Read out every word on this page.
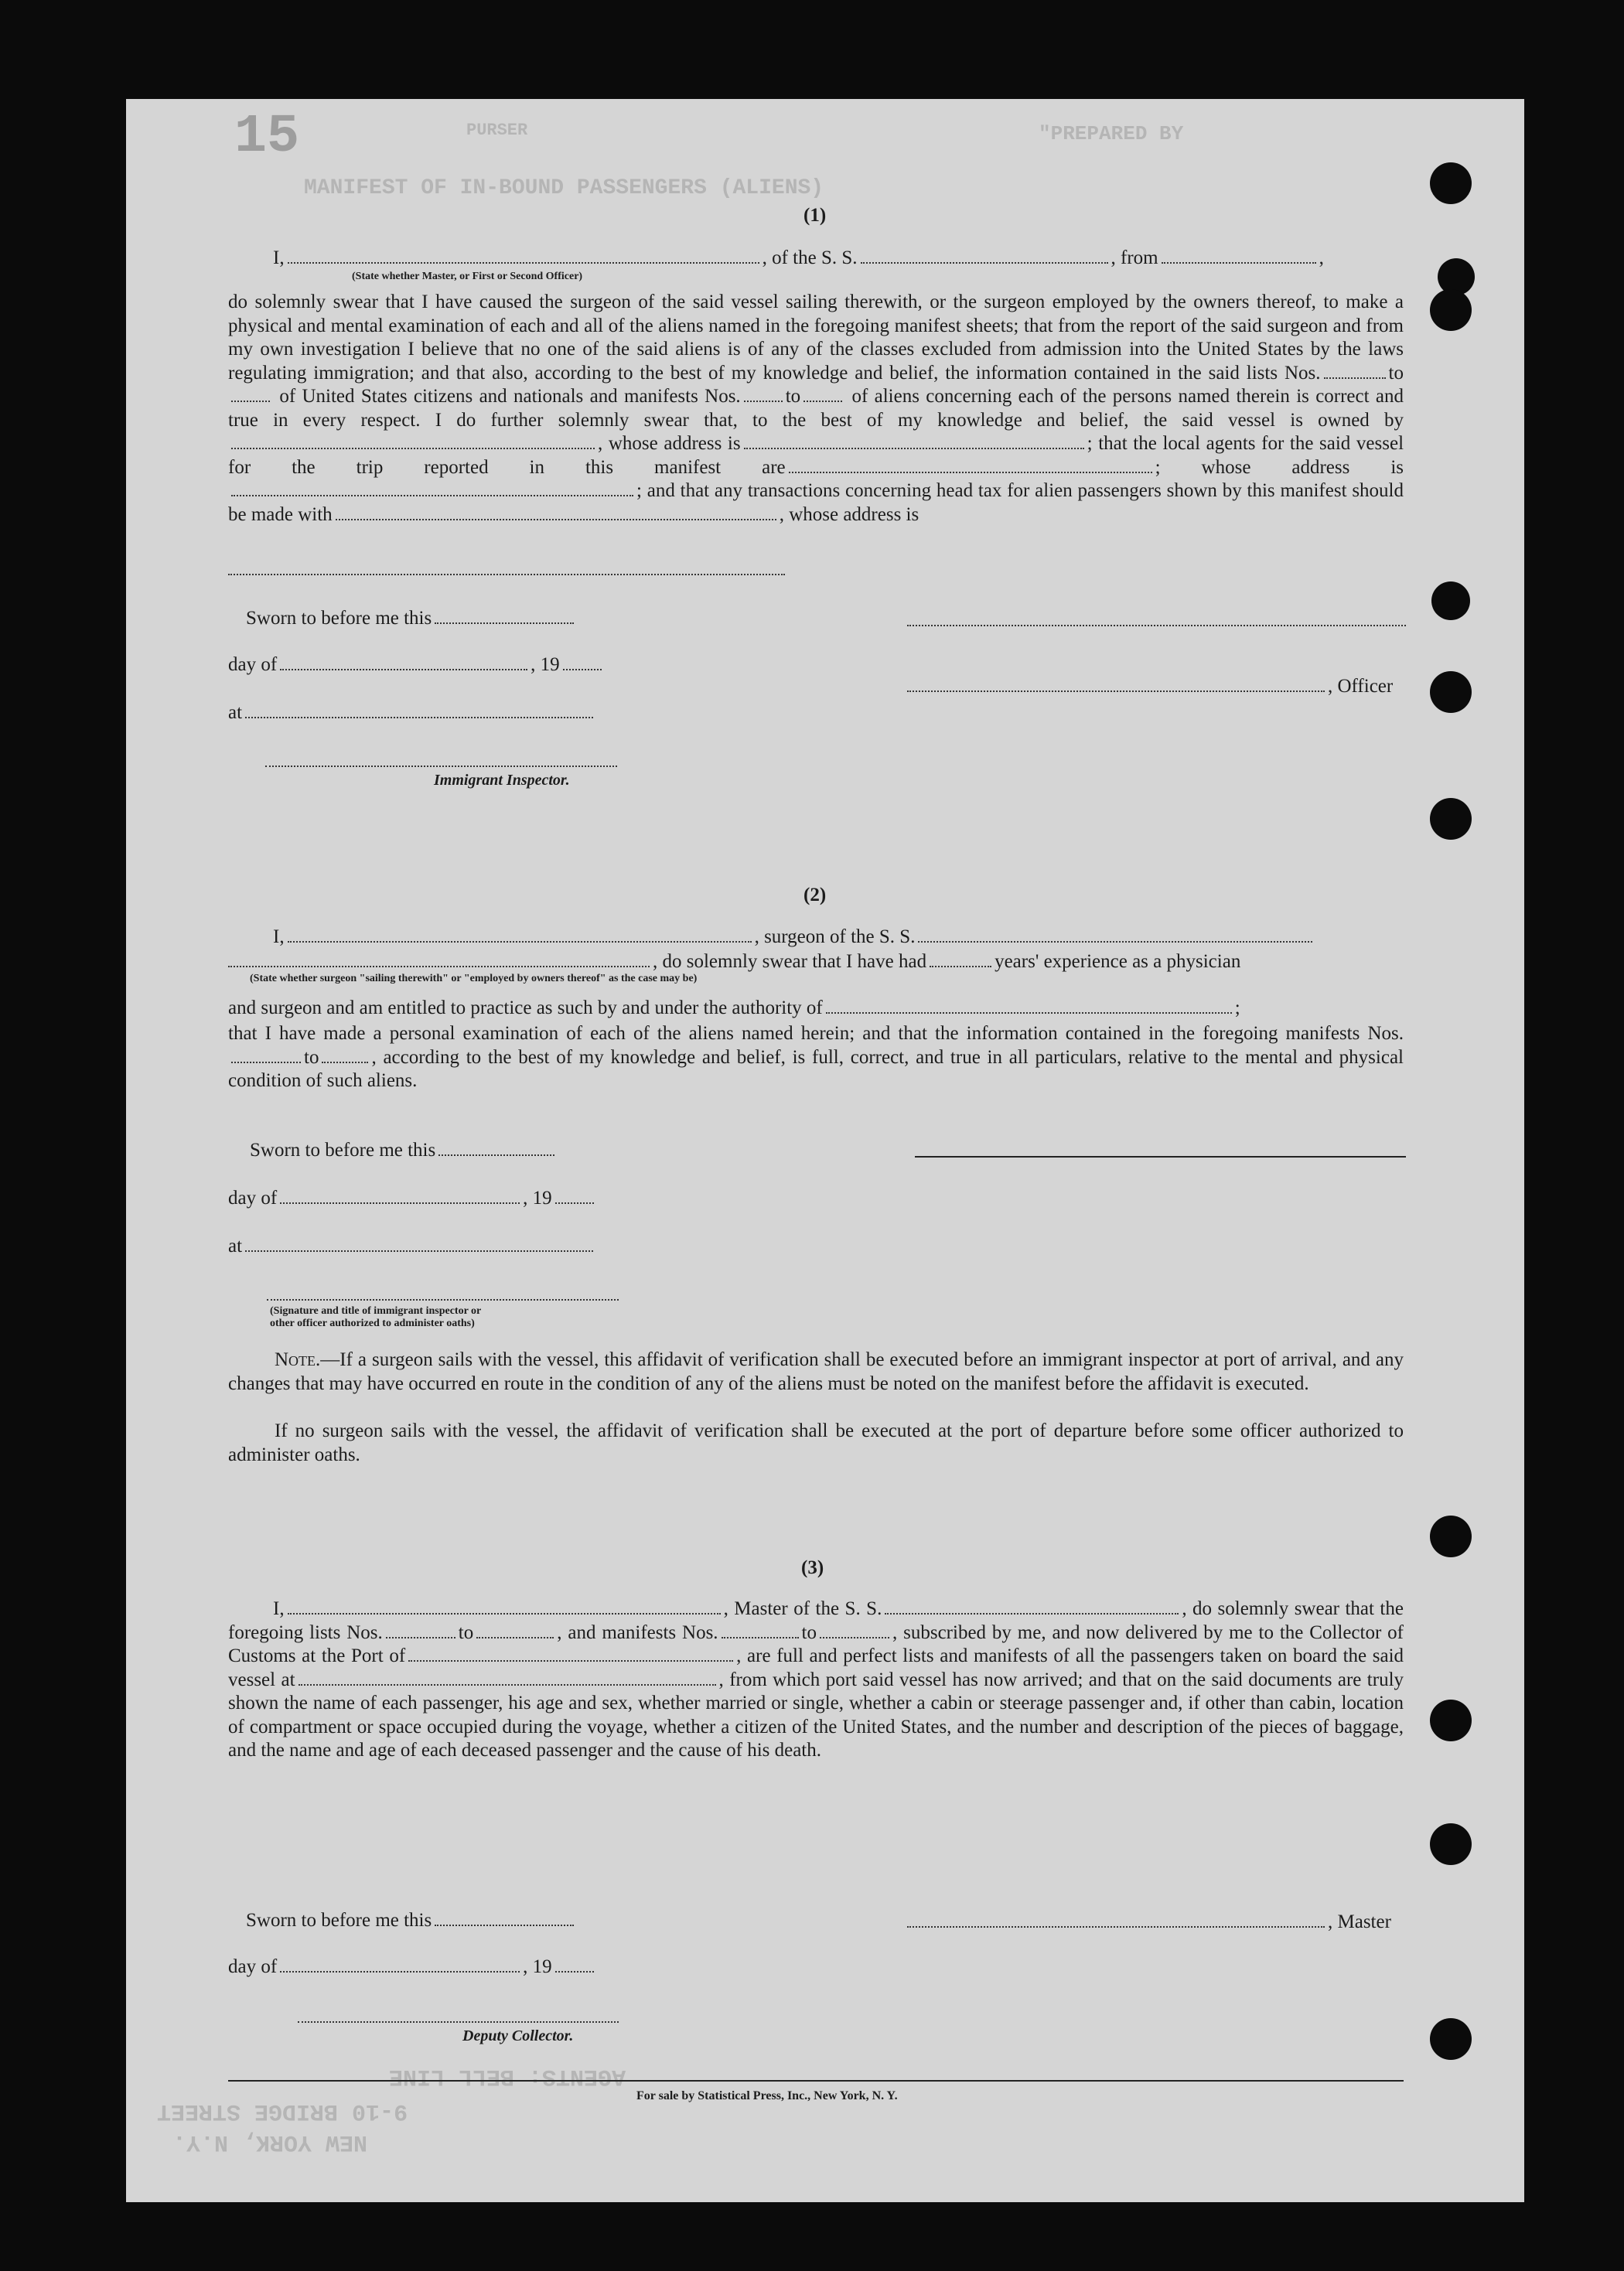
"PREPARED BY
PURSER
MANIFEST OF IN-BOUND PASSENGERS (ALIENS)
15
AGENTS: BELL LINE
9-10 BRIDGE STREET
NEW YORK, N.Y.
(1)
I,	, of the S. S.	, from	,
(State whether Master, or First or Second Officer)
do solemnly swear that I have caused the surgeon of the said vessel sailing therewith, or the surgeon employed by the owners thereof, to make a physical and mental examination of each and all of the aliens named in the foregoing manifest sheets; that from the report of the said surgeon and from my own investigation I believe that no one of the said aliens is of any of the classes excluded from admission into the United States by the laws regulating immigration; and that also, according to the best of my knowledge and belief, the information contained in the said lists Nos.	to of United States citizens and nationals and manifests Nos. to	of aliens concerning each of the persons named therein is correct and true in every respect. I do further solemnly swear that, to the best of my knowledge and belief, the said vessel is owned by, whose address is	; that the local agents for the said vessel for the trip reported in this manifest are	; whose address is; and that any transactions concerning head tax for alien passengers shown by this manifest should be made with	, whose address is
Sworn to before me this
day of	, 19
, Officer
at
Immigrant Inspector.
(2)
I,	, surgeon of the S. S.
, do solemnly swear that I have had	years' experience as a physician
(State whether surgeon "sailing therewith" or "employed by owners thereof" as the case may be)
and surgeon and am entitled to practice as such by and under the authority of	;
that I have made a personal examination of each of the aliens named herein; and that the information contained in the foregoing manifests Nos.to	, according to the best of my knowledge and belief, is full, correct, and true in all particulars, relative to the mental and physical condition of such aliens.
Sworn to before me this
day of	, 19
at
(Signature and title of immigrant inspector or
other officer authorized to administer oaths)
Note.—If a surgeon sails with the vessel, this affidavit of verification shall be executed before an immigrant inspector at port of arrival, and any changes that may have occurred en route in the condition of any of the aliens must be noted on the manifest before the affidavit is executed.
If no surgeon sails with the vessel, the affidavit of verification shall be executed at the port of departure before some officer authorized to administer oaths.
(3)
I,	, Master of the S. S.	, do solemnly swear that the foregoing lists Nos.	to	, and manifests Nos.	to	, subscribed by me, and now delivered by me to the Collector of Customs at the Port of	, are full and perfect lists and manifests of all the passengers taken on board the said vessel at	, from which port said vessel has now arrived; and that on the said documents are truly shown the name of each passenger, his age and sex, whether married or single, whether a cabin or steerage passenger and, if other than cabin, location of compartment or space occupied during the voyage, whether a citizen of the United States, and the number and description of the pieces of baggage, and the name and age of each deceased passenger and the cause of his death.
Sworn to before me this	, Master
day of	, 19
Deputy Collector.
For sale by Statistical Press, Inc., New York, N. Y.
